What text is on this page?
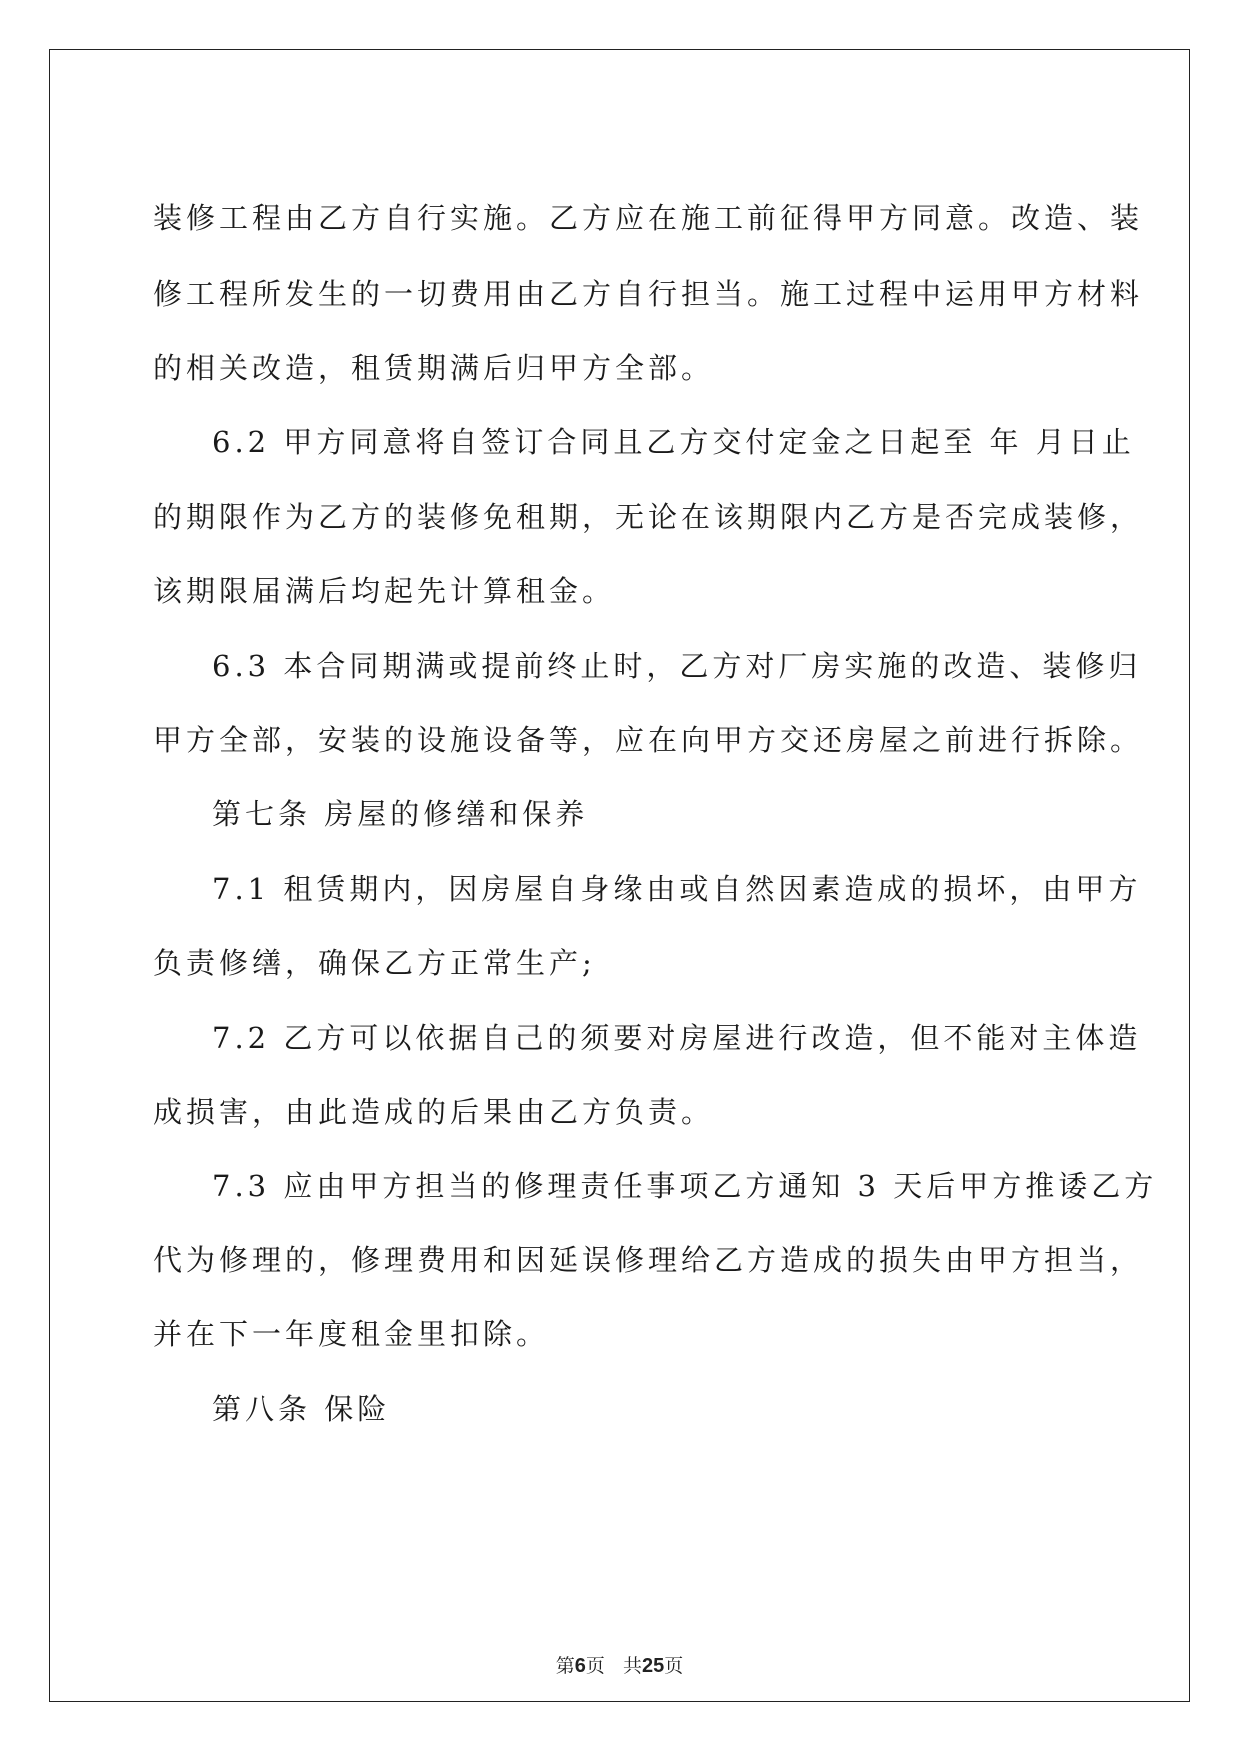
装修工程由乙方自行实施。乙方应在施工前征得甲方同意。改造、装
修工程所发生的一切费用由乙方自行担当。施工过程中运用甲方材料
的相关改造，租赁期满后归甲方全部。
6.2 甲方同意将自签订合同且乙方交付定金之日起至 年 月日止
的期限作为乙方的装修免租期，无论在该期限内乙方是否完成装修，
该期限届满后均起先计算租金。
6.3 本合同期满或提前终止时，乙方对厂房实施的改造、装修归
甲方全部，安装的设施设备等，应在向甲方交还房屋之前进行拆除。
第七条 房屋的修缮和保养
7.1 租赁期内，因房屋自身缘由或自然因素造成的损坏，由甲方
负责修缮，确保乙方正常生产;
7.2 乙方可以依据自己的须要对房屋进行改造，但不能对主体造
成损害，由此造成的后果由乙方负责。
7.3 应由甲方担当的修理责任事项乙方通知 3 天后甲方推诿乙方
代为修理的，修理费用和因延误修理给乙方造成的损失由甲方担当，
并在下一年度租金里扣除。
第八条 保险
第6页 共25页
